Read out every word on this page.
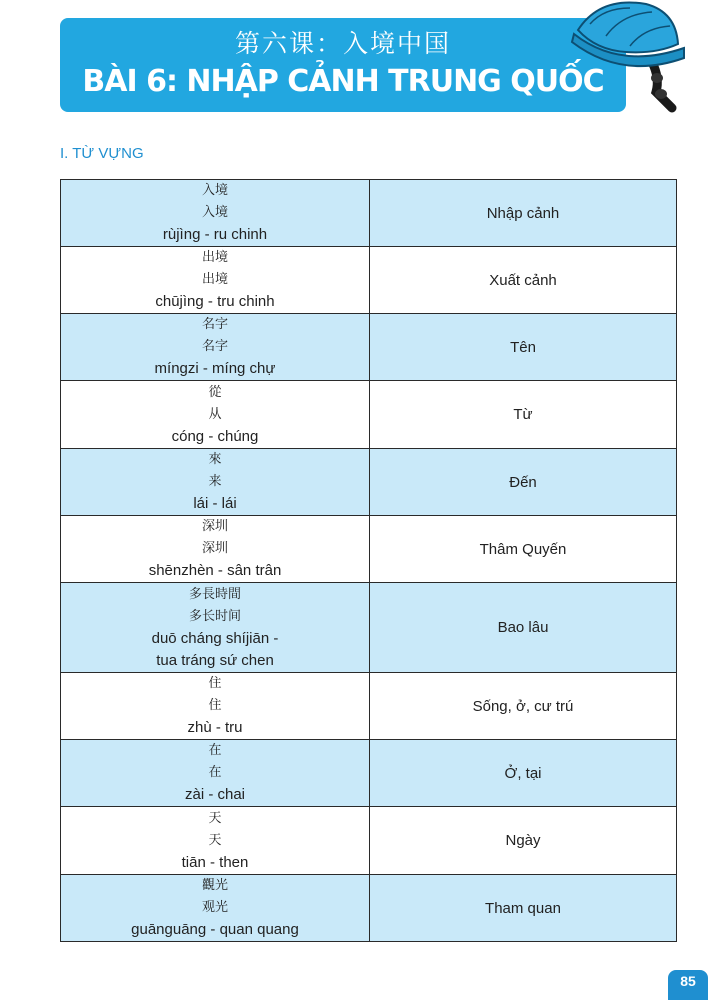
第六课：入境中国
BÀI 6: NHẬP CẢNH TRUNG QUỐC
I. TỪ VỰNG
入境
入境
rùjìng - ru chinh	Nhập cảnh

出境
出境
chūjìng - tru chinh	Xuất cảnh

名字
名字
míngzi - míng chự	Tên

從
从
cóng - chúng	Từ

來
来
lái - lái	Đến

深圳
深圳
shēnzhèn - sân trân	Thâm Quyến

多長時間
多长时间
duō cháng shíjiān -
tua tráng sứ chen	Bao lâu

住
住
zhù - tru	Sống, ở, cư trú

在
在
zài - chai	Ở, tại

天
天
tiān - then	Ngày

觀光
观光
guānguāng - quan quang	Tham quan
85
